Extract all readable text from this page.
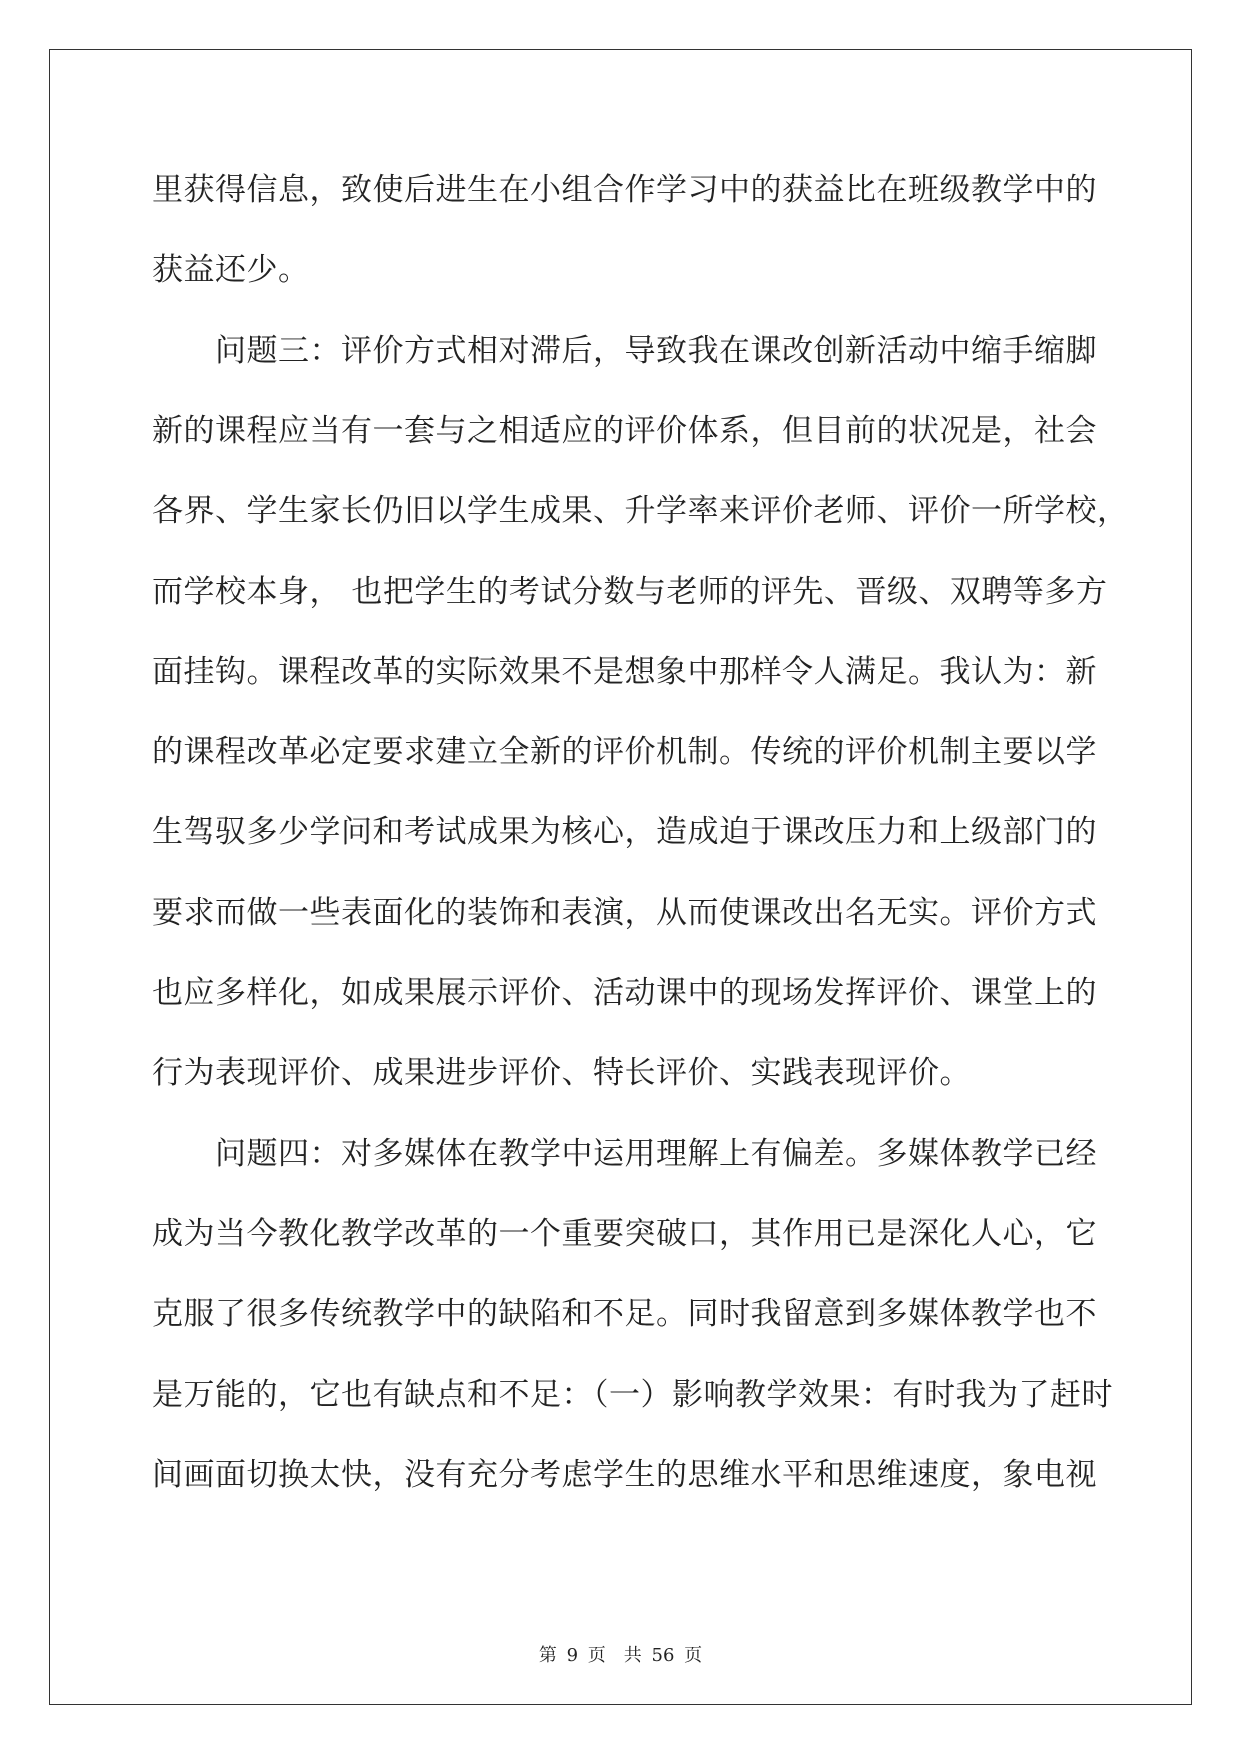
里获得信息，致使后进生在小组合作学习中的获益比在班级教学中的
获益还少。
　　问题三：评价方式相对滞后，导致我在课改创新活动中缩手缩脚
新的课程应当有一套与之相适应的评价体系，但目前的状况是，社会
各界、学生家长仍旧以学生成果、升学率来评价老师、评价一所学校，
而学校本身， 也把学生的考试分数与老师的评先、晋级、双聘等多方
面挂钩。课程改革的实际效果不是想象中那样令人满足。我认为：新
的课程改革必定要求建立全新的评价机制。传统的评价机制主要以学
生驾驭多少学问和考试成果为核心，造成迫于课改压力和上级部门的
要求而做一些表面化的装饰和表演，从而使课改出名无实。评价方式
也应多样化，如成果展示评价、活动课中的现场发挥评价、课堂上的
行为表现评价、成果进步评价、特长评价、实践表现评价。
　　问题四：对多媒体在教学中运用理解上有偏差。多媒体教学已经
成为当今教化教学改革的一个重要突破口，其作用已是深化人心，它
克服了很多传统教学中的缺陷和不足。同时我留意到多媒体教学也不
是万能的，它也有缺点和不足：（一）影响教学效果：有时我为了赶时
间画面切换太快，没有充分考虑学生的思维水平和思维速度，象电视
第 9 页　共 56 页
